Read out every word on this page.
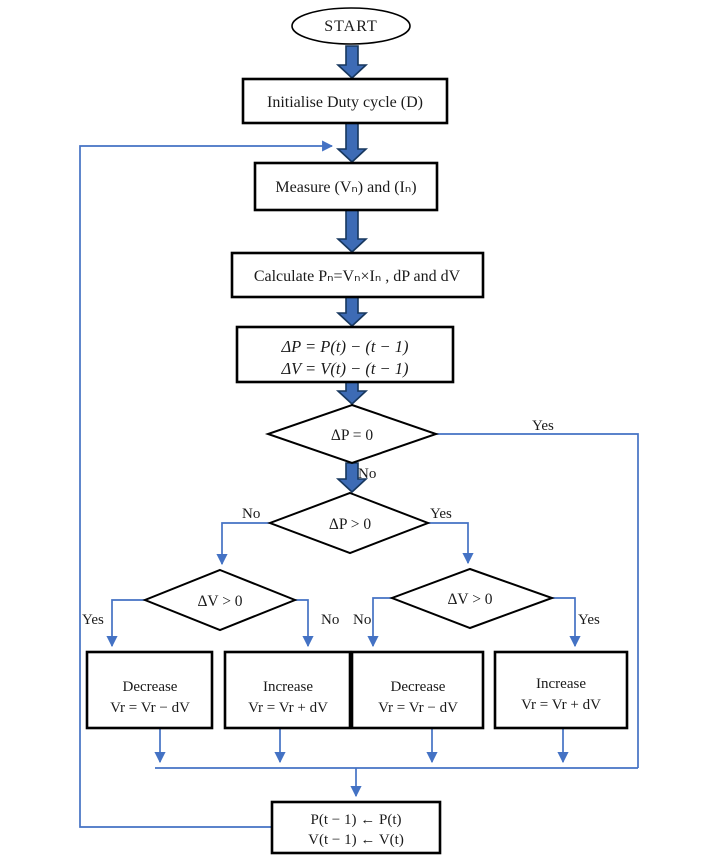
START
Initialise Duty cycle (D)
Measure (Vₙ) and (Iₙ)
Calculate Pₙ=Vₙ×Iₙ , dP and dV
ΔP = P(t) − (t − 1)
ΔV = V(t) − (t − 1)
ΔP = 0
ΔP > 0
ΔV > 0	ΔV > 0
Decrease
Vr = Vr − dV
Increase
Vr = Vr + dV
Decrease
Vr = Vr − dV
Increase
Vr = Vr + dV
P(t − 1) ← P(t)
V(t − 1) ← V(t)
Yes
No
No	Yes
Yes	No No	Yes
